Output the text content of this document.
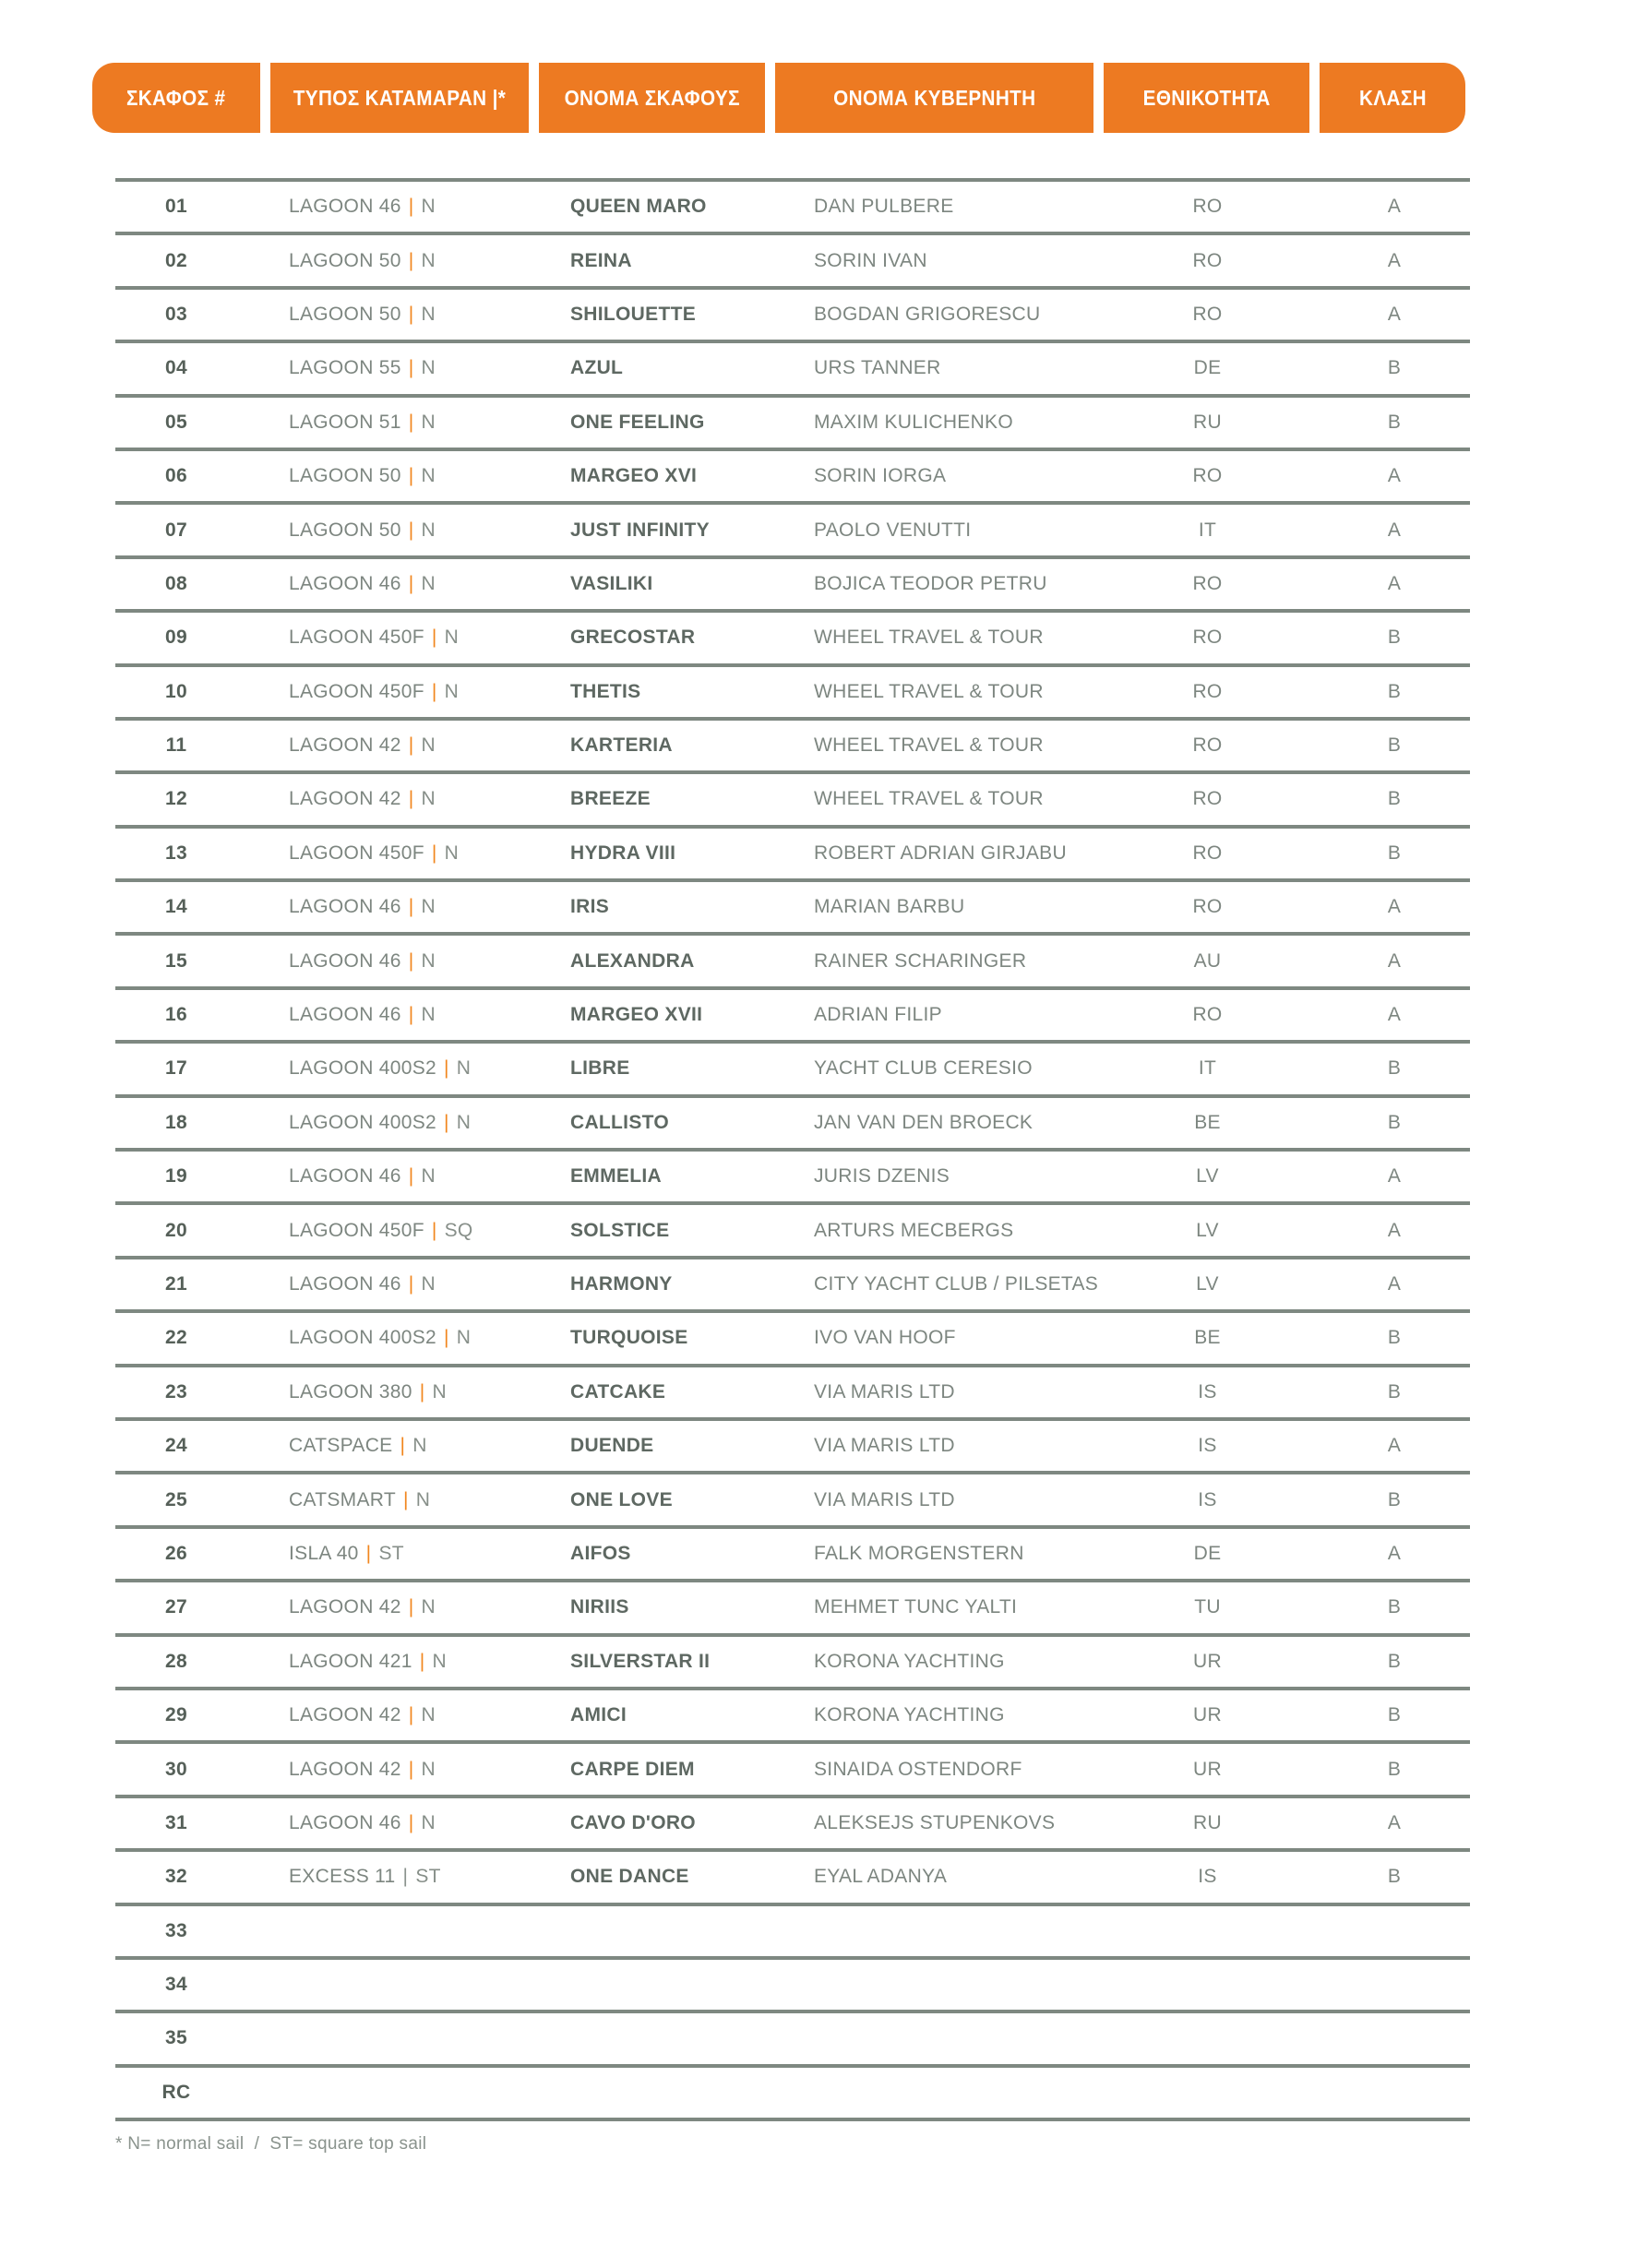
ΣΚΑΦΟΣ #	ΤΥΠΟΣ ΚΑΤΑΜΑΡΑΝ |*	ΟΝΟΜΑ ΣΚΑΦΟΥΣ	ΟΝΟΜΑ ΚΥΒΕΡΝΗΤΗ	ΕΘΝΙΚΟΤΗΤΑ	ΚΛΑΣΗ
01	LAGOON 46 | N	QUEEN MARO	DAN PULBERE	RO	A
02	LAGOON 50 | N	REINA	SORIN IVAN	RO	A
03	LAGOON 50 | N	SHILOUETTE	BOGDAN GRIGORESCU	RO	A
04	LAGOON 55 | N	AZUL	URS TANNER	DE	B
05	LAGOON 51 | N	ONE FEELING	MAXIM KULICHENKO	RU	B
06	LAGOON 50 | N	MARGEO XVI	SORIN IORGA	RO	A
07	LAGOON 50 | N	JUST INFINITY	PAOLO VENUTTI	IT	A
08	LAGOON 46 | N	VASILIKI	BOJICA TEODOR PETRU	RO	A
09	LAGOON 450F | N	GRECOSTAR	WHEEL TRAVEL & TOUR	RO	B
10	LAGOON 450F | N	THETIS	WHEEL TRAVEL & TOUR	RO	B
11	LAGOON 42 | N	KARTERIA	WHEEL TRAVEL & TOUR	RO	B
12	LAGOON 42 | N	BREEZE	WHEEL TRAVEL & TOUR	RO	B
13	LAGOON 450F | N	HYDRA VIII	ROBERT ADRIAN GIRJABU	RO	B
14	LAGOON 46 | N	IRIS	MARIAN BARBU	RO	A
15	LAGOON 46 | N	ALEXANDRA	RAINER SCHARINGER	AU	A
16	LAGOON 46 | N	MARGEO XVII	ADRIAN FILIP	RO	A
17	LAGOON 400S2 | N	LIBRE	YACHT CLUB CERESIO	IT	B
18	LAGOON 400S2 | N	CALLISTO	JAN VAN DEN BROECK	BE	B
19	LAGOON 46 | N	EMMELIA	JURIS DZENIS	LV	A
20	LAGOON 450F | SQ	SOLSTICE	ARTURS MECBERGS	LV	A
21	LAGOON 46 | N	HARMONY	CITY YACHT CLUB / PILSETAS	LV	A
22	LAGOON 400S2 | N	TURQUOISE	IVO VAN HOOF	BE	B
23	LAGOON 380 | N	CATCAKE	VIA MARIS LTD	IS	B
24	CATSPACE | N	DUENDE	VIA MARIS LTD	IS	A
25	CATSMART | N	ONE LOVE	VIA MARIS LTD	IS	B
26	ISLA 40 | ST	AIFOS	FALK MORGENSTERN	DE	A
27	LAGOON 42 | N	NIRIIS	MEHMET TUNC YALTI	TU	B
28	LAGOON 421 | N	SILVERSTAR II	KORONA YACHTING	UR	B
29	LAGOON 42 | N	AMICI	KORONA YACHTING	UR	B
30	LAGOON 42 | N	CARPE DIEM	SINAIDA OSTENDORF	UR	B
31	LAGOON 46 | N	CAVO D'ORO	ALEKSEJS STUPENKOVS	RU	A
32	EXCESS 11 | ST	ONE DANCE	EYAL ADANYA	IS	B
33
34
35
RC
* N= normal sail  /  ST= square top sail
